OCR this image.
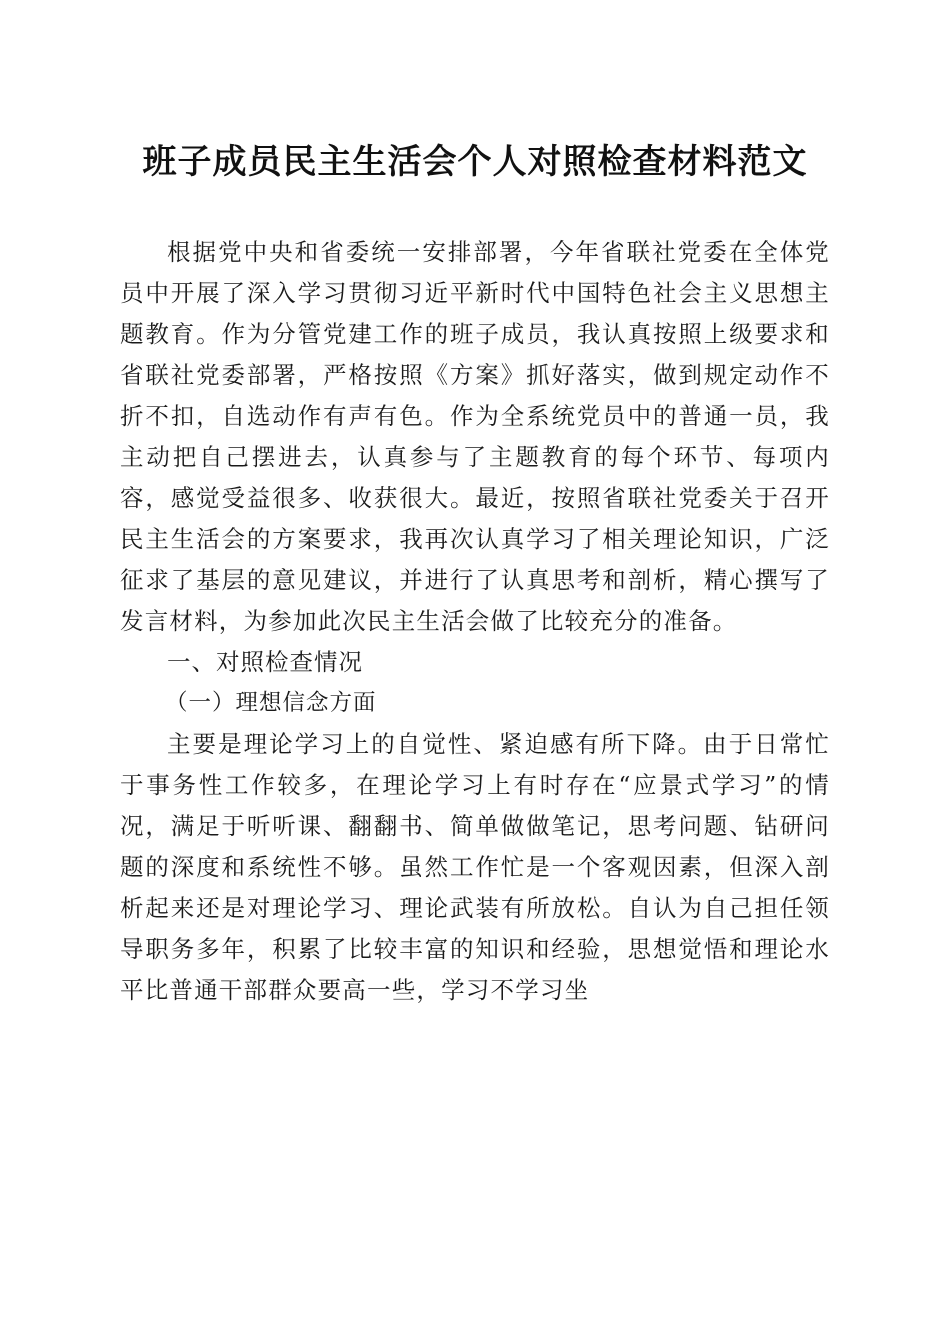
班子成员民主生活会个人对照检查材料范文

根据党中央和省委统一安排部署，今年省联社党委在全体党员中开展了深入学习贯彻习近平新时代中国特色社会主义思想主题教育。作为分管党建工作的班子成员，我认真按照上级要求和省联社党委部署，严格按照《方案》抓好落实，做到规定动作不折不扣，自选动作有声有色。作为全系统党员中的普通一员，我主动把自己摆进去，认真参与了主题教育的每个环节、每项内容，感觉受益很多、收获很大。最近，按照省联社党委关于召开民主生活会的方案要求，我再次认真学习了相关理论知识，广泛征求了基层的意见建议，并进行了认真思考和剖析，精心撰写了发言材料，为参加此次民主生活会做了比较充分的准备。

一、对照检查情况

（一）理想信念方面

主要是理论学习上的自觉性、紧迫感有所下降。由于日常忙于事务性工作较多，在理论学习上有时存在“应景式学习”的情况，满足于听听课、翻翻书、简单做做笔记，思考问题、钻研问题的深度和系统性不够。虽然工作忙是一个客观因素，但深入剖析起来还是对理论学习、理论武装有所放松。自认为自己担任领导职务多年，积累了比较丰富的知识和经验，思想觉悟和理论水平比普通干部群众要高一些，学习不学习坐
